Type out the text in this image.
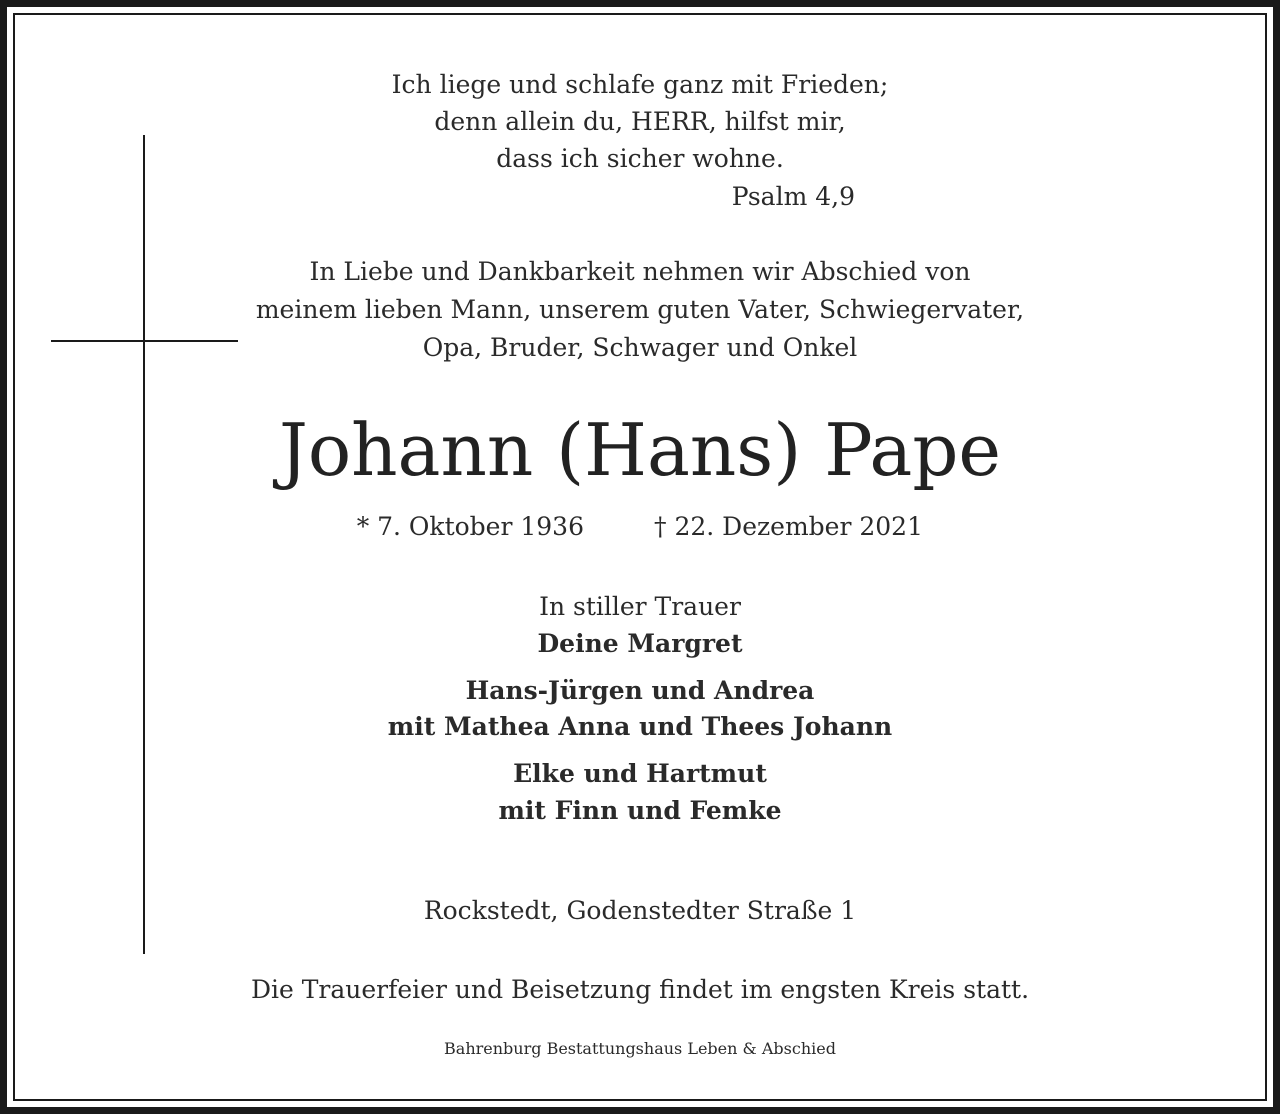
Ich liege und schlafe ganz mit Frieden;
denn allein du, HERR, hilfst mir,
dass ich sicher wohne.
Psalm 4,9
In Liebe und Dankbarkeit nehmen wir Abschied von
meinem lieben Mann, unserem guten Vater, Schwiegervater,
Opa, Bruder, Schwager und Onkel
Johann (Hans) Pape
* 7. Oktober 1936	† 22. Dezember 2021
In stiller Trauer
Deine Margret
Hans-Jürgen und Andrea
mit Mathea Anna und Thees Johann
Elke und Hartmut
mit Finn und Femke
Rockstedt, Godenstedter Straße 1
Die Trauerfeier und Beisetzung findet im engsten Kreis statt.
Bahrenburg Bestattungshaus Leben & Abschied
